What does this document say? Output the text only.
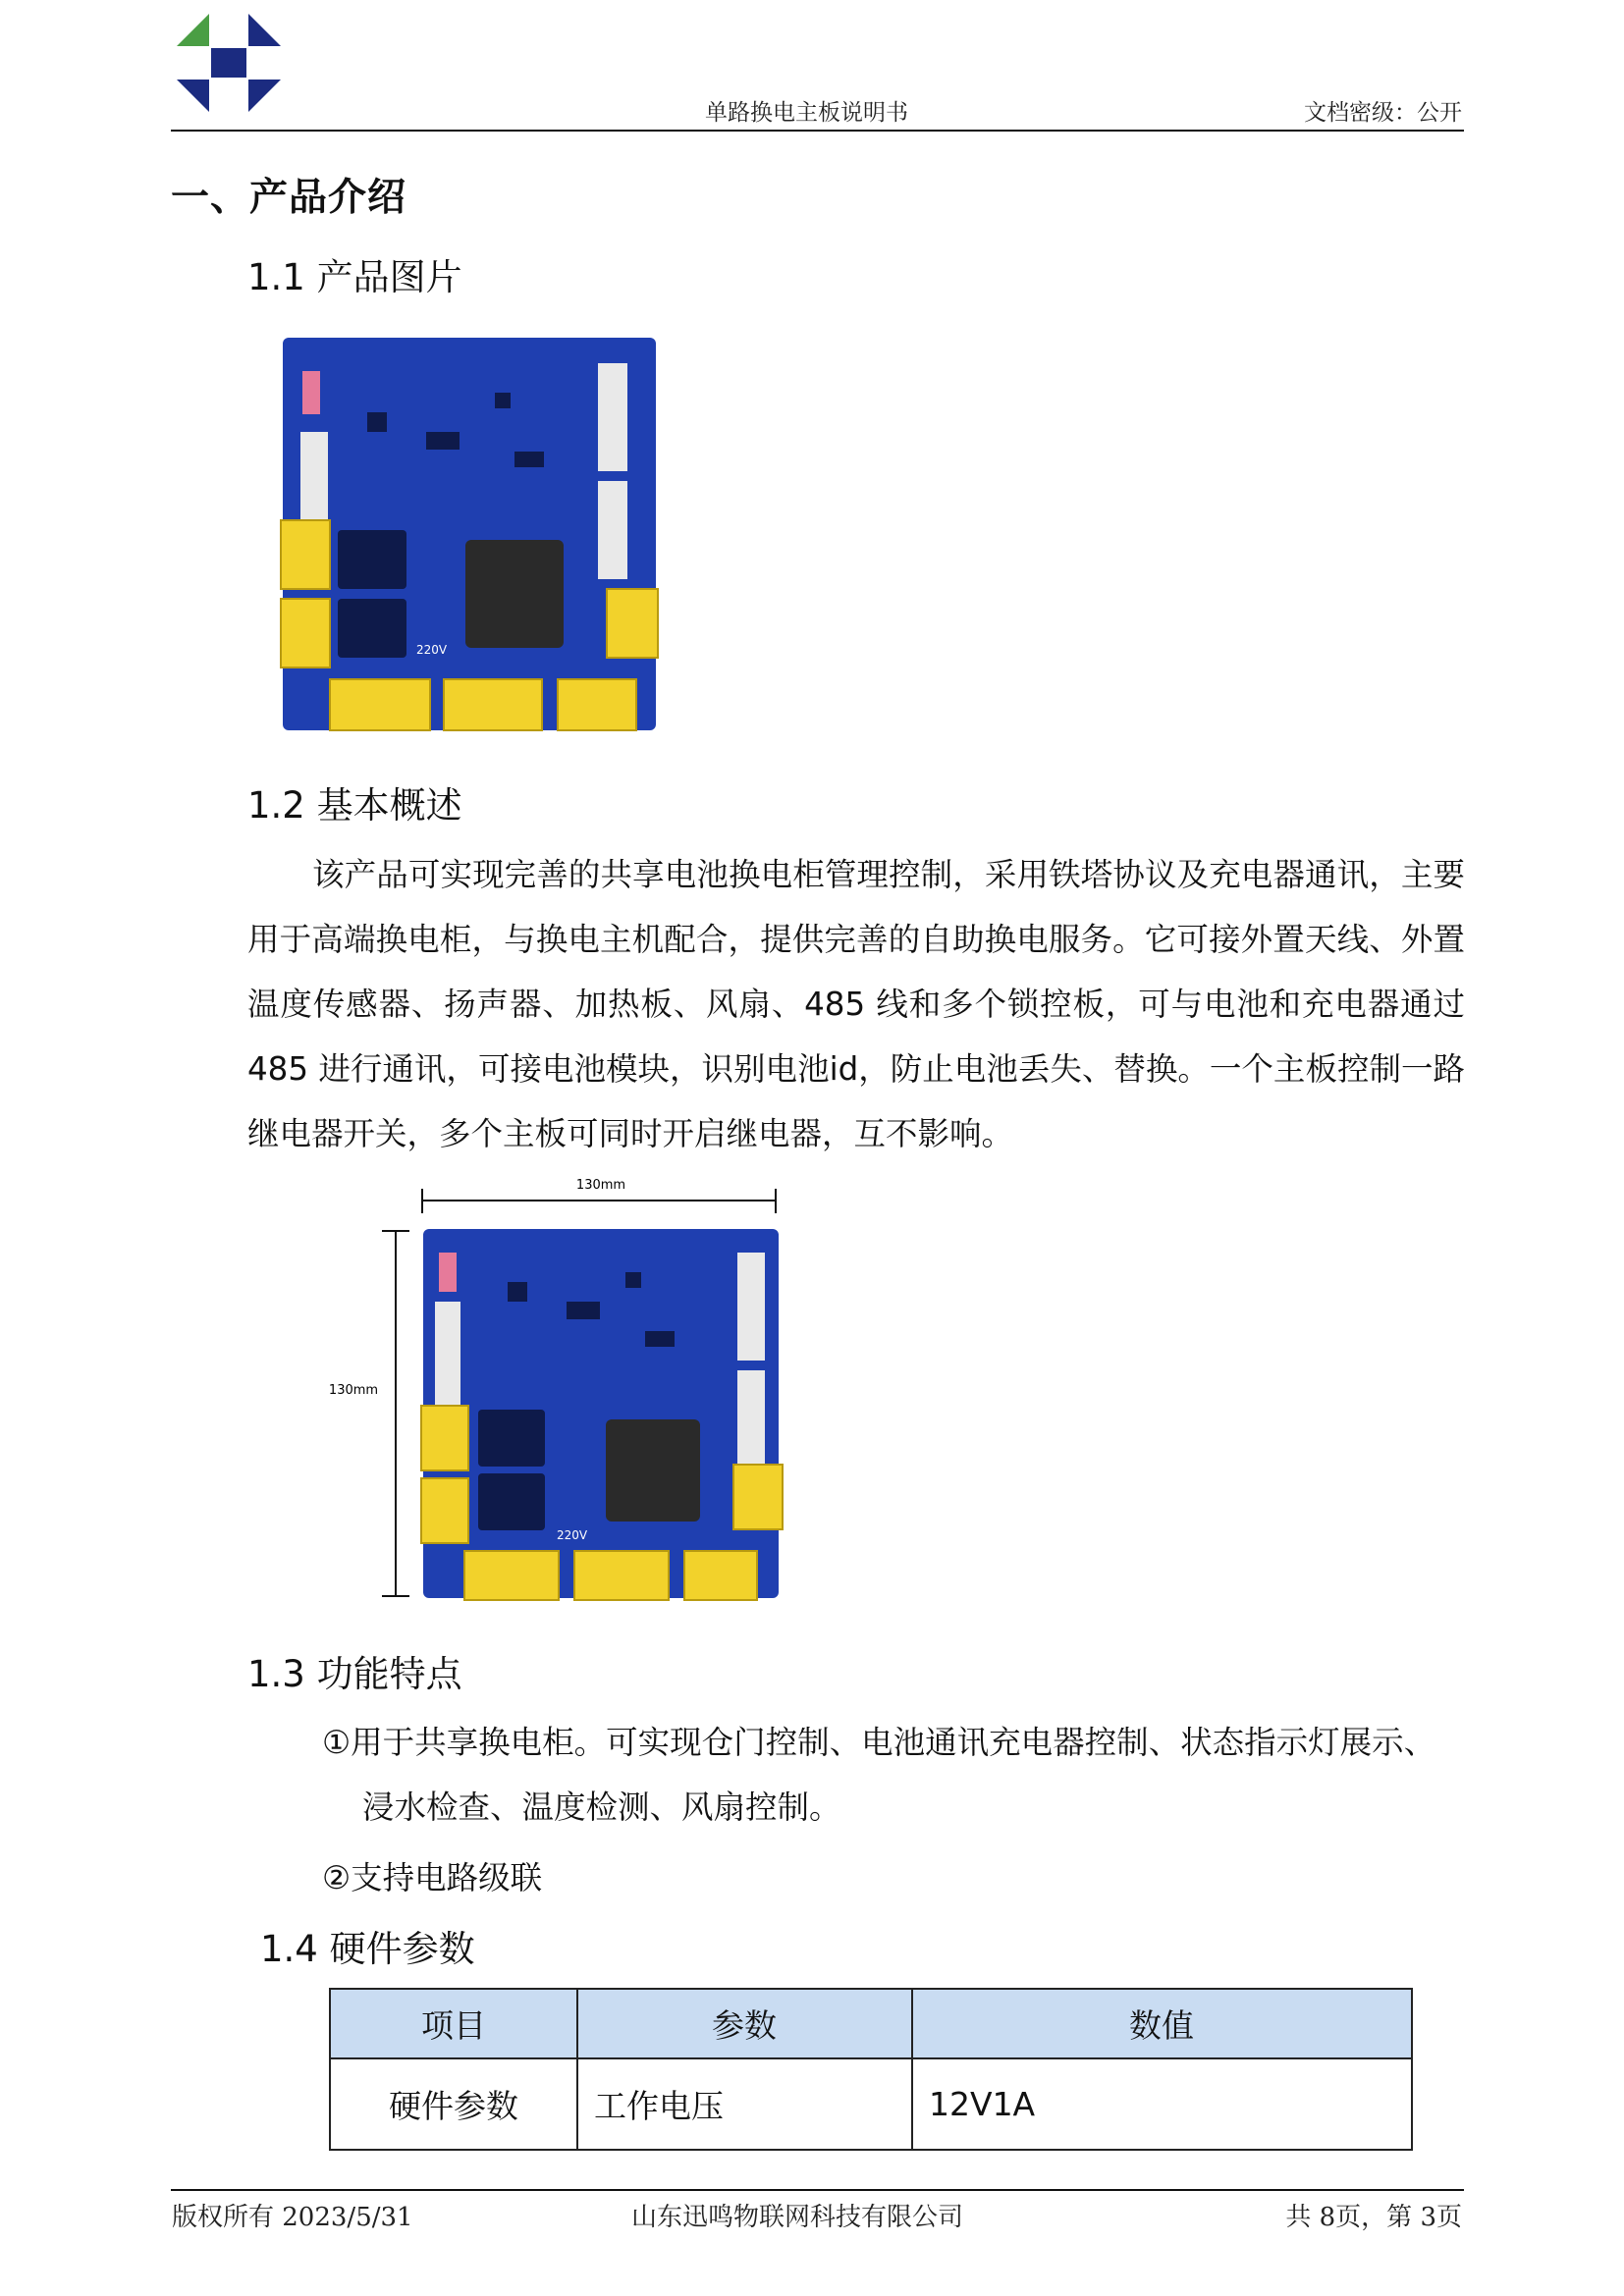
单路换电主板说明书	文档密级：公开
一、产品介绍
1.1 产品图片
220V
1.2 基本概述

该产品可实现完善的共享电池换电柜管理控制，采用铁塔协议及充电器通讯，主要用于高端换电柜，与换电主机配合，提供完善的自助换电服务。它可接外置天线、外置温度传感器、扬声器、加热板、风扇、485 线和多个锁控板，可与电池和充电器通过 485 进行通讯，可接电池模块，识别电池id，防止电池丢失、替换。一个主板控制一路继电器开关，多个主板可同时开启继电器，互不影响。

130mm
130mm
220V
1.3 功能特点
①用于共享换电柜。可实现仓门控制、电池通讯充电器控制、状态指示灯展示、
浸水检查、温度检测、风扇控制。
②支持电路级联
1.4 硬件参数
项目	参数	数值
硬件参数	工作电压	12V1A
版权所有 2023/5/31	山东迅鸣物联网科技有限公司	共 8页，第 3页
